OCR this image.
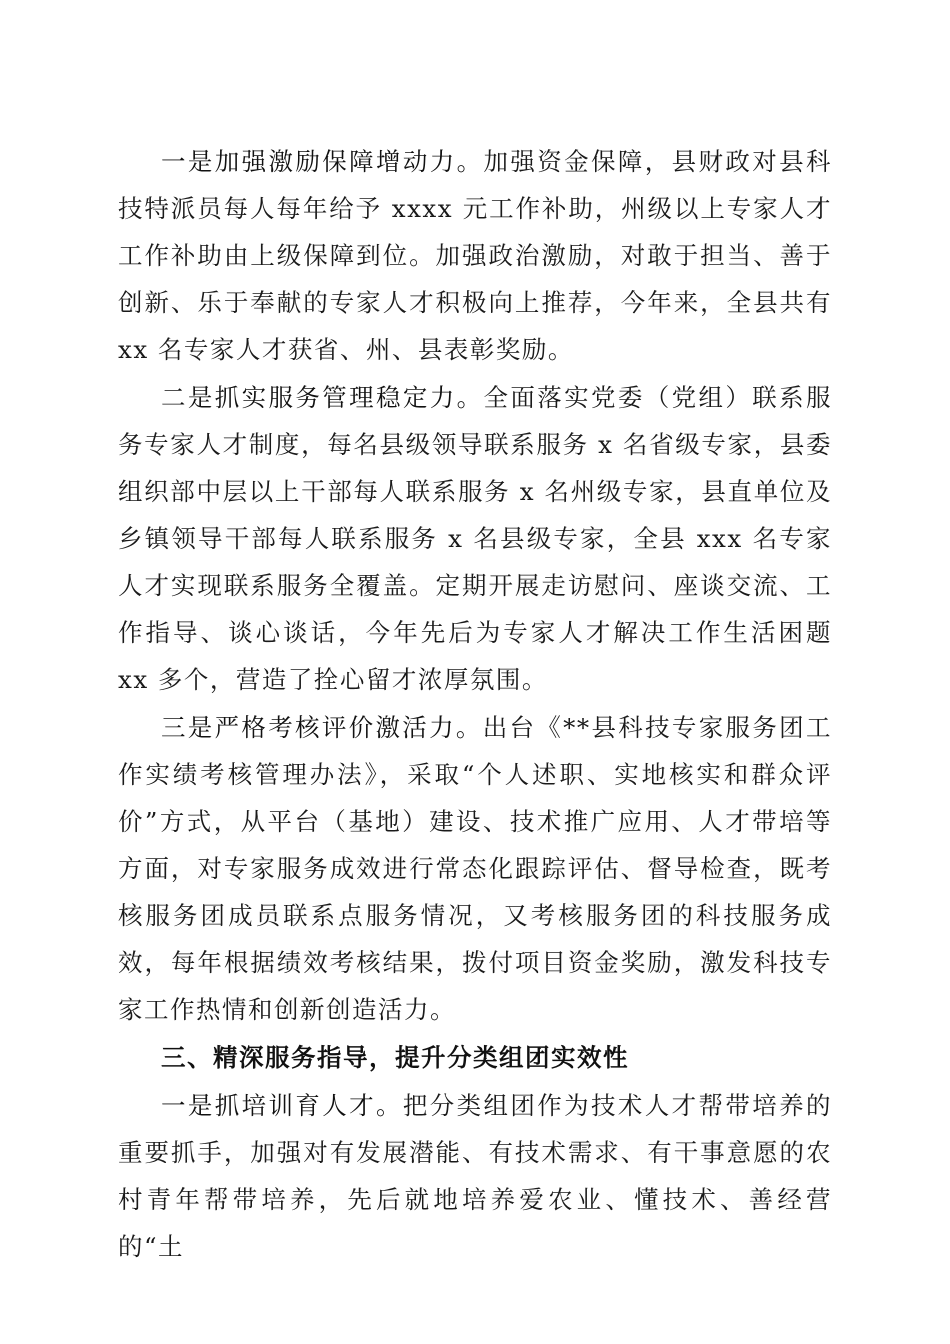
一是加强激励保障增动力。加强资金保障，县财政对县科技特派员每人每年给予 xxxx 元工作补助，州级以上专家人才工作补助由上级保障到位。加强政治激励，对敢于担当、善于创新、乐于奉献的专家人才积极向上推荐，今年来，全县共有 xx 名专家人才获省、州、县表彰奖励。

二是抓实服务管理稳定力。全面落实党委（党组）联系服务专家人才制度，每名县级领导联系服务 x 名省级专家，县委组织部中层以上干部每人联系服务 x 名州级专家，县直单位及乡镇领导干部每人联系服务 x 名县级专家，全县 xxx 名专家人才实现联系服务全覆盖。定期开展走访慰问、座谈交流、工作指导、谈心谈话，今年先后为专家人才解决工作生活困题 xx 多个，营造了拴心留才浓厚氛围。

三是严格考核评价激活力。出台《**县科技专家服务团工作实绩考核管理办法》，采取“个人述职、实地核实和群众评价”方式，从平台（基地）建设、技术推广应用、人才带培等方面，对专家服务成效进行常态化跟踪评估、督导检查，既考核服务团成员联系点服务情况，又考核服务团的科技服务成效，每年根据绩效考核结果，拨付项目资金奖励，激发科技专家工作热情和创新创造活力。

三、精深服务指导，提升分类组团实效性

一是抓培训育人才。把分类组团作为技术人才帮带培养的重要抓手，加强对有发展潜能、有技术需求、有干事意愿的农村青年帮带培养，先后就地培养爱农业、懂技术、善经营的“土
